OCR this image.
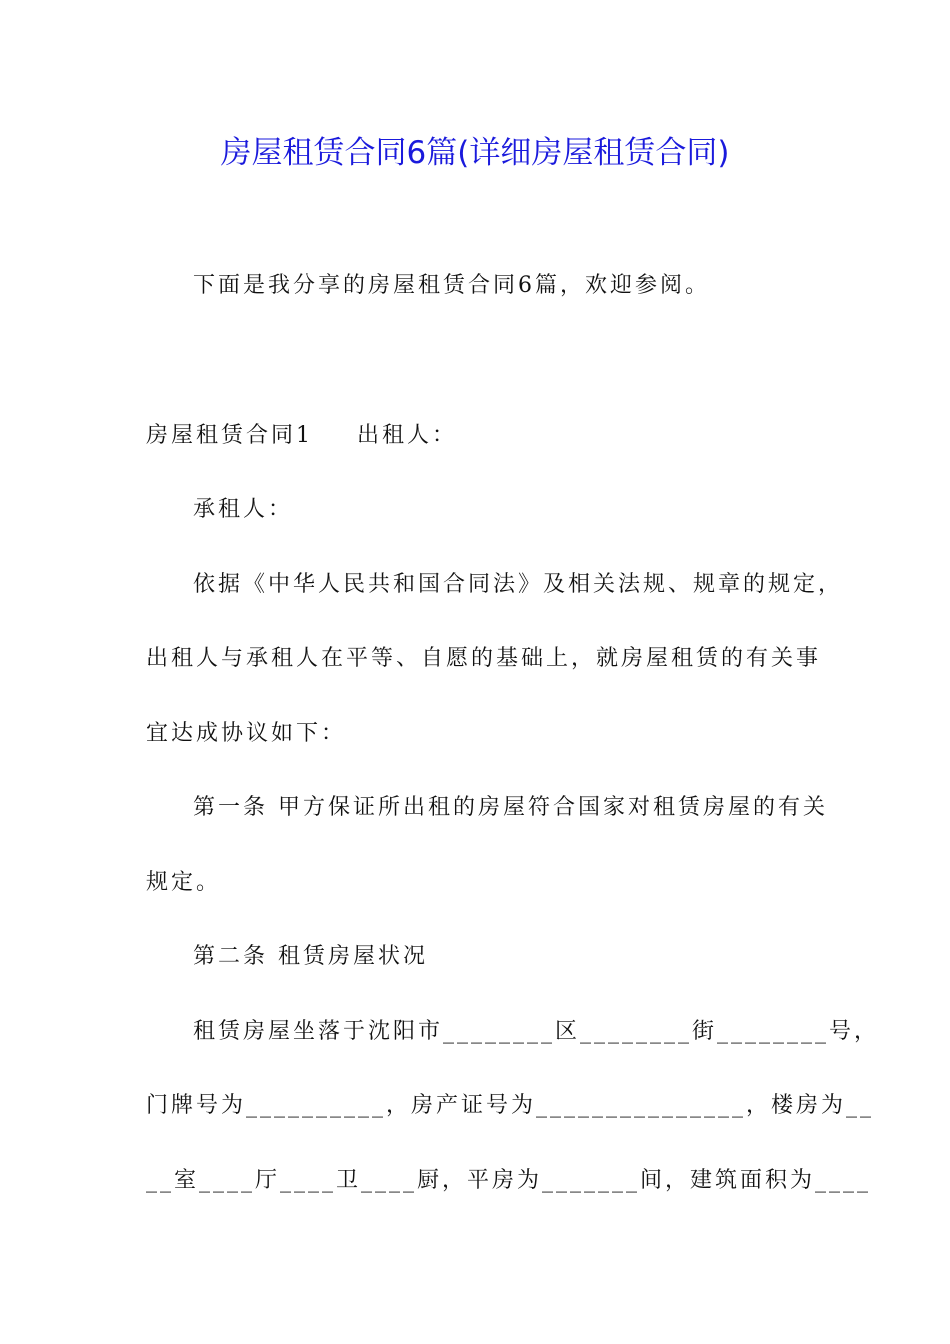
房屋租赁合同6篇(详细房屋租赁合同)
下面是我分享的房屋租赁合同6篇，欢迎参阅。
房屋租赁合同1 出租人：
承租人：
依据《中华人民共和国合同法》及相关法规、规章的规定，
出租人与承租人在平等、自愿的基础上，就房屋租赁的有关事
宜达成协议如下：
第一条 甲方保证所出租的房屋符合国家对租赁房屋的有关
规定。
第二条 租赁房屋状况
租赁房屋坐落于沈阳市________区________街________号，
门牌号为__________，房产证号为_______________，楼房为__
__室____厅____卫____厨，平房为_______间，建筑面积为____
